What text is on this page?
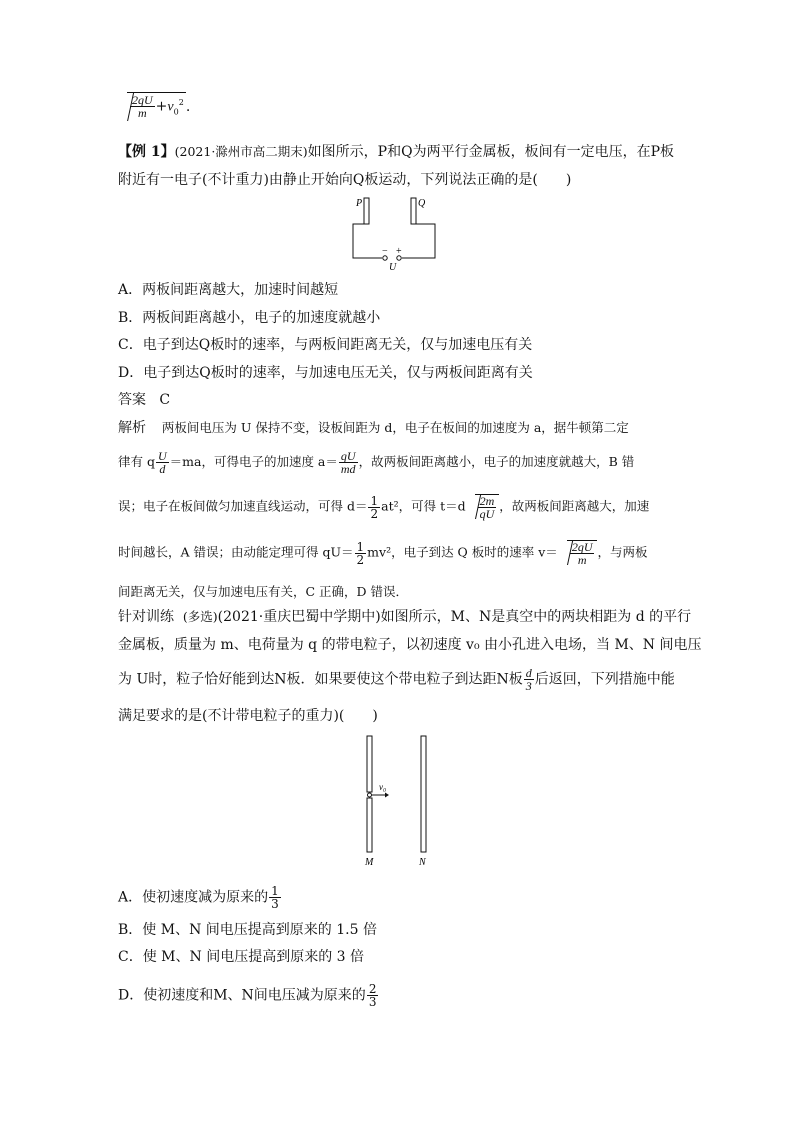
$\frac{2qU}{m} +v_0^2$ .
【例 1】(2021·滁州市高二期末)如图所示，P和Q为两平行金属板，板间有一定电压，在P板
附近有一电子(不计重力)由静止开始向Q板运动，下列说法正确的是(　　)
P	Q
− +
U
A．两板间距离越大，加速时间越短
B．两板间距离越小，电子的加速度就越小
C．电子到达Q板时的速率，与两板间距离无关，仅与加速电压有关
D．电子到达Q板时的速率，与加速电压无关，仅与两板间距离有关
答案 C
解析 两板间电压为 U 保持不变，设板间距为 d，电子在板间的加速度为 a，据牛顿第二定
律有 q $\frac{U}{d} =ma$，可得电子的加速度 $a= \frac{qU}{md}$ ，故两板间距离越小，电子的加速度就越大，B 错
误；电子在板间做匀加速直线运动，可得 $d= \frac{1}{2} at^2$，可得 $t=d \frac{2m}{qU}$ ，故两板间距离越大，加速
时间越长，A 错误；由动能定理可得 $qU= \frac{1}{2} mv^2$，电子到达 Q 板时的速率 $v= \frac{2qU}{m}$ ，与两板
间距离无关，仅与加速电压有关，C 正确，D 错误．
针对训练 (多选)(2021·重庆巴蜀中学期中)如图所示，M、N是真空中的两块相距为 d 的平行
金属板，质量为 m、电荷量为 q 的带电粒子，以初速度 v₀ 由小孔进入电场，当 M、N 间电压
为 U时，粒子恰好能到达N板．如果要使这个带电粒子到达距N板 $\frac{d}{3}$ 后返回，下列措施中能
满足要求的是(不计带电粒子的重力)(　　)
v₀
M	N
A．使初速度减为原来的 $\frac{1}{3}$
B．使 M、N 间电压提高到原来的 1.5 倍
C．使 M、N 间电压提高到原来的 3 倍
D．使初速度和M、N间电压减为原来的 $\frac{2}{3}$
